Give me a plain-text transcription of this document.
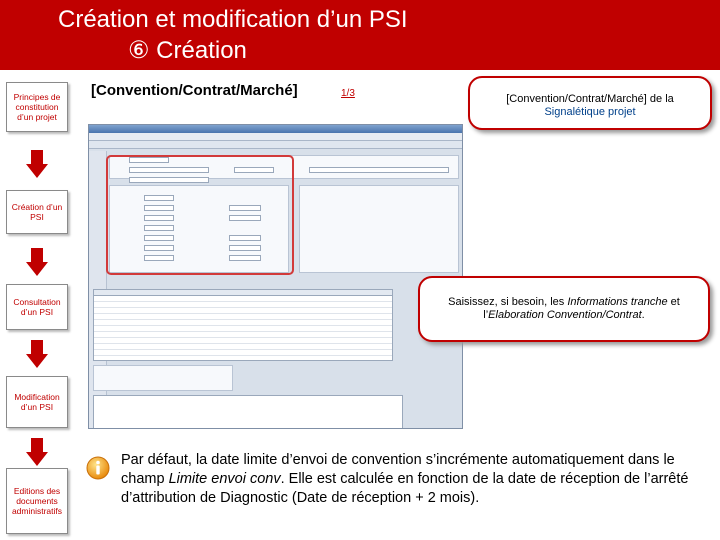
Création et modification d’un PSI
⑥ Création
Principes de constitution d’un projet
Création d’un PSI
Consultation d’un PSI
Modification d’un PSI
Editions des documents administratifs
[Convention/Contrat/Marché]	1/3	[Convention/Contrat/Marché] de la
Signalétique projet
Saisissez, si besoin, les Informations tranche et l’Elaboration Convention/Contrat.
Par défaut, la date limite d’envoi de convention s’incrémente automatiquement dans le champ Limite envoi conv. Elle est calculée en fonction de la date de réception de l’arrêté d’attribution de Diagnostic (Date de réception + 2 mois).
